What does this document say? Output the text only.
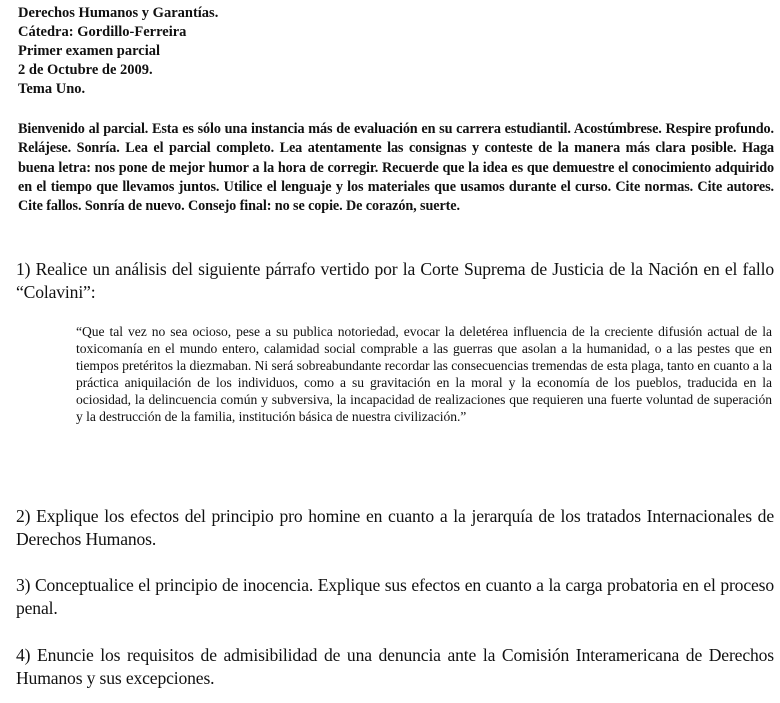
Derechos Humanos y Garantías.
Cátedra: Gordillo-Ferreira
Primer examen parcial
2 de Octubre de 2009.
Tema Uno.
Bienvenido al parcial. Esta es sólo una instancia más de evaluación en su carrera estudiantil. Acostúmbrese. Respire profundo. Relájese. Sonría. Lea el parcial completo. Lea atentamente las consignas y conteste de la manera más clara posible. Haga buena letra: nos pone de mejor humor a la hora de corregir. Recuerde que la idea es que demuestre el conocimiento adquirido en el tiempo que llevamos juntos. Utilice el lenguaje y los materiales que usamos durante el curso. Cite normas. Cite autores. Cite fallos. Sonría de nuevo. Consejo final: no se copie. De corazón, suerte.
1) Realice un análisis del siguiente párrafo vertido por la Corte Suprema de Justicia de la Nación en el fallo “Colavini”:
“Que tal vez no sea ocioso, pese a su publica notoriedad, evocar la deletérea influencia de la creciente difusión actual de la toxicomanía en el mundo entero, calamidad social comprable a las guerras que asolan a la humanidad, o a las pestes que en tiempos pretéritos la diezmaban. Ni será sobreabundante recordar las consecuencias tremendas de esta plaga, tanto en cuanto a la práctica aniquilación de los individuos, como a su gravitación en la moral y la economía de los pueblos, traducida en la ociosidad, la delincuencia común y subversiva, la incapacidad de realizaciones que requieren una fuerte voluntad de superación y la destrucción de la familia, institución básica de nuestra civilización.”
2) Explique los efectos del principio pro homine en cuanto a la jerarquía de los tratados Internacionales de Derechos Humanos.
3) Conceptualice el principio de inocencia. Explique sus efectos en cuanto a la carga probatoria en el proceso penal.
4) Enuncie los requisitos de admisibilidad de una denuncia ante la Comisión Interamericana de Derechos Humanos y sus excepciones.
